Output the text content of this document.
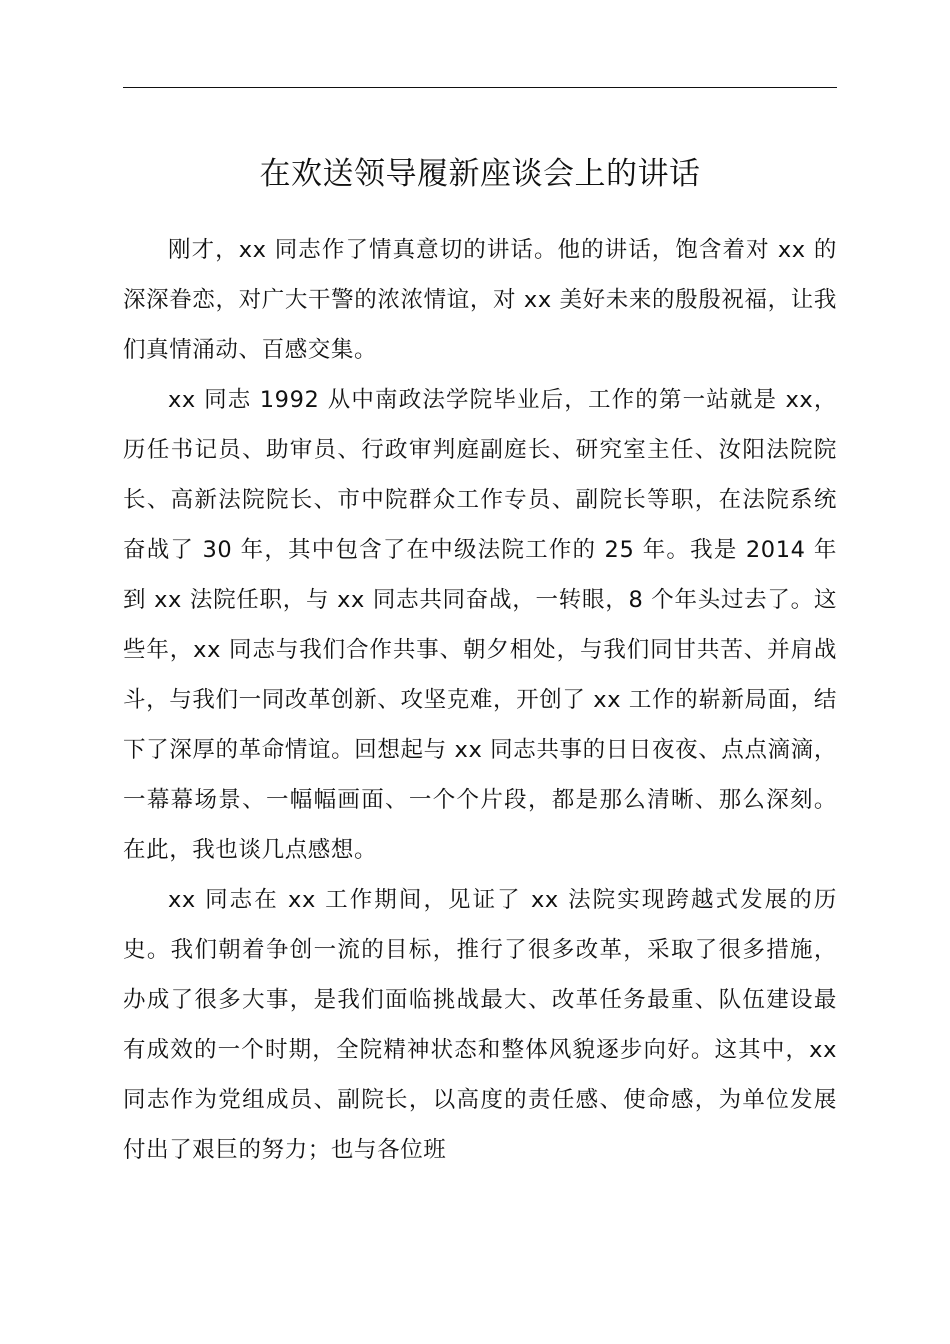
在欢送领导履新座谈会上的讲话

刚才，xx 同志作了情真意切的讲话。他的讲话，饱含着对 xx 的深深眷恋，对广大干警的浓浓情谊，对 xx 美好未来的殷殷祝福，让我们真情涌动、百感交集。

xx 同志 1992 从中南政法学院毕业后，工作的第一站就是 xx，历任书记员、助审员、行政审判庭副庭长、研究室主任、汝阳法院院长、高新法院院长、市中院群众工作专员、副院长等职，在法院系统奋战了 30 年，其中包含了在中级法院工作的 25 年。我是 2014 年到 xx 法院任职，与 xx 同志共同奋战，一转眼，8 个年头过去了。这些年，xx 同志与我们合作共事、朝夕相处，与我们同甘共苦、并肩战斗，与我们一同改革创新、攻坚克难，开创了 xx 工作的崭新局面，结下了深厚的革命情谊。回想起与 xx 同志共事的日日夜夜、点点滴滴，一幕幕场景、一幅幅画面、一个个片段，都是那么清晰、那么深刻。在此，我也谈几点感想。

xx 同志在 xx 工作期间，见证了 xx 法院实现跨越式发展的历史。我们朝着争创一流的目标，推行了很多改革，采取了很多措施，办成了很多大事，是我们面临挑战最大、改革任务最重、队伍建设最有成效的一个时期，全院精神状态和整体风貌逐步向好。这其中，xx 同志作为党组成员、副院长，以高度的责任感、使命感，为单位发展付出了艰巨的努力；也与各位班
